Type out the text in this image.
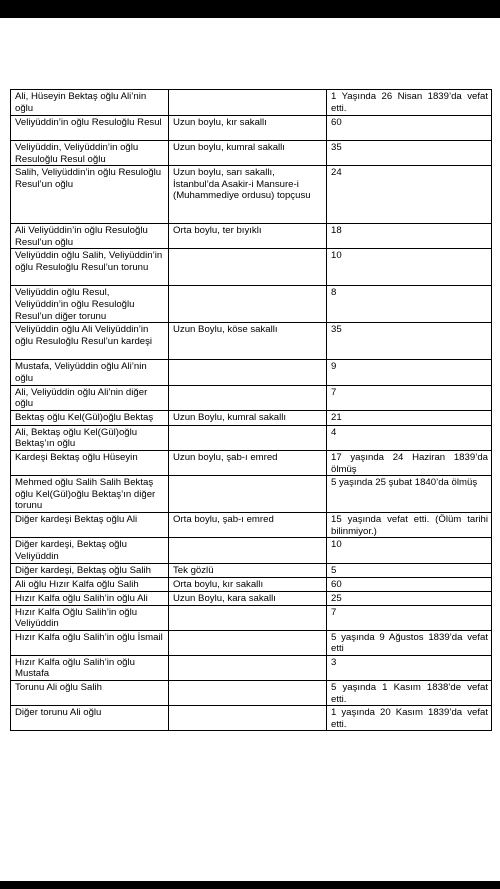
Ali, Hüseyin Bektaş oğlu Ali’nin oğlu		1 Yaşında 26 Nisan 1839’da vefat etti.
Veliyüddin’in oğlu Resuloğlu Resul	Uzun boylu, kır sakallı	60
Veliyüddin, Veliyüddin’in oğlu Resuloğlu Resul oğlu	Uzun boylu, kumral sakallı	35
Salih, Veliyüddin’in oğlu Resuloğlu Resul’un oğlu	Uzun boylu, sarı sakallı, İstanbul’da Asakir-i Mansure-i (Muhammediye ordusu) topçusu	24
Ali Veliyüddin’in oğlu Resuloğlu Resul’un oğlu	Orta boylu, ter bıyıklı	18
Veliyüddin oğlu Salih, Veliyüddin’in oğlu Resuloğlu Resul’un torunu		10
Veliyüddin oğlu Resul, Veliyüddin’in oğlu Resuloğlu Resul’un diğer torunu		8
Veliyüddin oğlu Ali Veliyüddin’in oğlu Resuloğlu Resul’un kardeşi	Uzun Boylu, köse sakallı	35
Mustafa, Veliyüddin oğlu Ali’nin oğlu		9
Ali, Veliyüddin oğlu Ali’nin diğer oğlu		7
Bektaş oğlu Kel(Gül)oğlu Bektaş	Uzun Boylu, kumral sakallı	21
Ali, Bektaş oğlu Kel(Gül)oğlu Bektaş’ın oğlu		4
Kardeşi Bektaş oğlu Hüseyin	Uzun boylu, şab-ı emred	17 yaşında 24 Haziran 1839’da ölmüş
Mehmed oğlu Salih Salih Bektaş oğlu Kel(Gül)oğlu Bektaş’ın diğer torunu		5 yaşında 25 şubat 1840’da ölmüş
Diğer kardeşi Bektaş oğlu Ali	Orta boylu, şab-ı emred	15 yaşında vefat etti. (Ölüm tarihi bilinmiyor.)
Diğer kardeşi, Bektaş oğlu Veliyüddin		10
Diğer kardeşi, Bektaş oğlu Salih	Tek gözlü	5
Ali oğlu Hızır Kalfa oğlu Salih	Orta boylu, kır sakallı	60
Hızır Kalfa oğlu Salih’in oğlu Ali	Uzun Boylu, kara sakallı	25
Hızır Kalfa Oğlu Salih’in oğlu Veliyüddin		7
Hızır Kalfa oğlu Salih’in oğlu İsmail		5 yaşında 9 Ağustos 1839’da vefat etti
Hızır Kalfa oğlu Salih’in oğlu Mustafa		3
Torunu Ali oğlu Salih		5 yaşında 1 Kasım 1838’de vefat etti.
Diğer torunu Ali oğlu		1 yaşında 20 Kasım 1839’da vefat etti.
